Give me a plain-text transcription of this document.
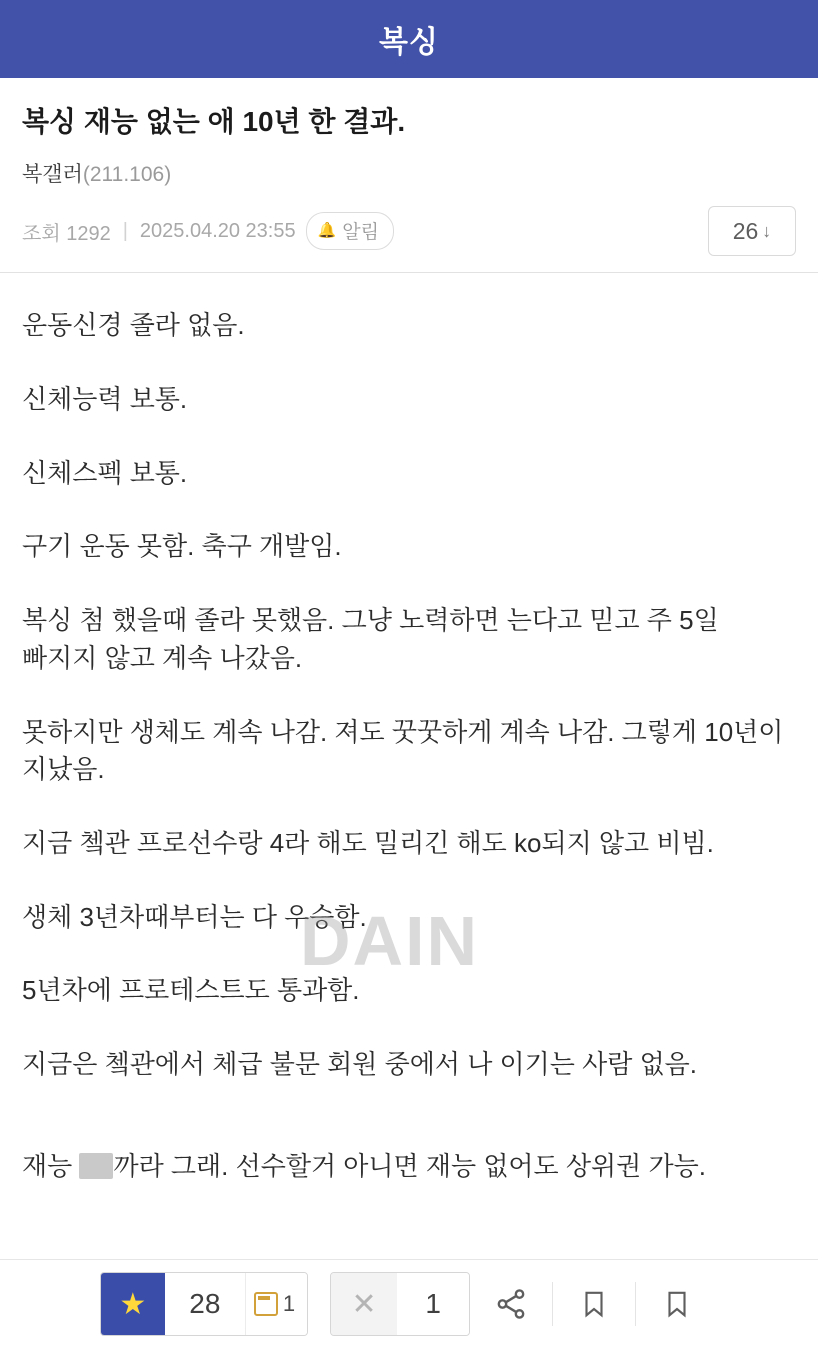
복싱
복싱 재능 없는 애 10년 한 결과.
복갤러(211.106)
조회 1292 | 2025.04.20 23:55 🔔 알림	26 ↓
DAIN

운동신경 졸라 없음.

신체능력 보통.

신체스펙 보통.

구기 운동 못함. 축구 개발임.

복싱 첨 했을때 졸라 못했음. 그냥 노력하면 는다고 믿고 주 5일 빠지지 않고 계속 나갔음.

못하지만 생체도 계속 나감. 져도 꿋꿋하게 계속 나감. 그렇게 10년이 지났음.

지금 쳌관 프로선수랑 4라 해도 밀리긴 해도 ko되지 않고 비빔.

생체 3년차때부터는 다 우승함.

5년차에 프로테스트도 통과함.

지금은 쳌관에서 체급 불문 회원 중에서 나 이기는 사람 없음.

재능 까라 그래. 선수할거 아니면 재능 없어도 상위권 가능.

★	28	1	✕	1
